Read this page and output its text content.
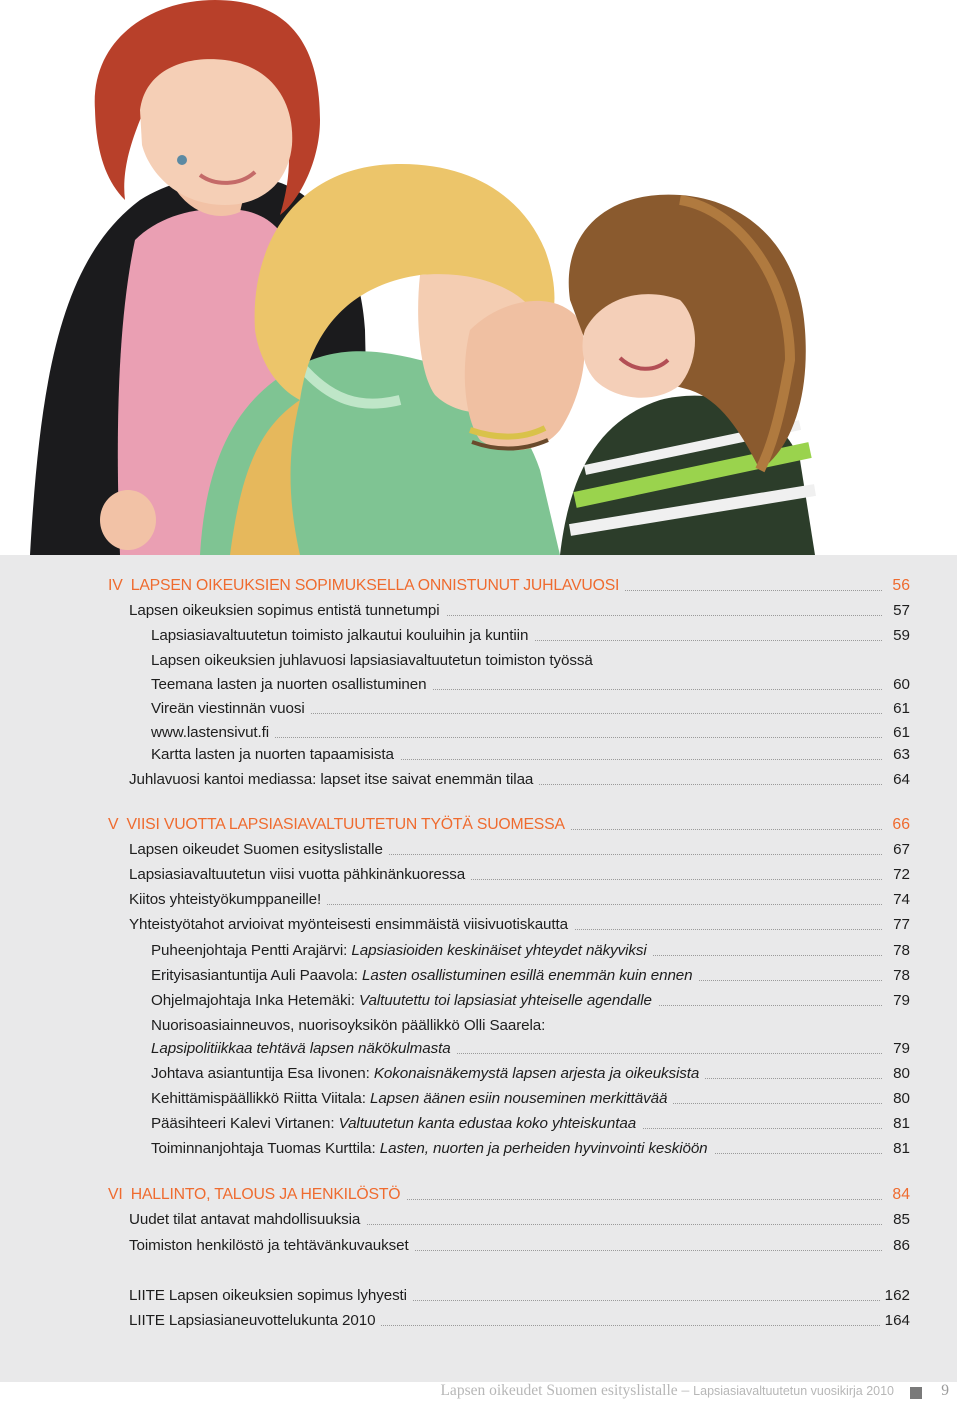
IV LAPSEN OIKEUKSIEN SOPIMUKSELLA ONNISTUNUT JUHLAVUOSI	56
Lapsen oikeuksien sopimus entistä tunnetumpi	57
Lapsiasiavaltuutetun toimisto jalkautui kouluihin ja kuntiin	59
Lapsen oikeuksien juhlavuosi lapsiasiavaltuutetun toimiston työssä
Teemana lasten ja nuorten osallistuminen	60
Vireän viestinnän vuosi	61
www.lastensivut.fi	61
Kartta lasten ja nuorten tapaamisista	63
Juhlavuosi kantoi mediassa: lapset itse saivat enemmän tilaa	64
V VIISI VUOTTA LAPSIASIAVALTUUTETUN TYÖTÄ SUOMESSA	66
Lapsen oikeudet Suomen esityslistalle	67
Lapsiasiavaltuutetun viisi vuotta pähkinänkuoressa	72
Kiitos yhteistyökumppaneille!	74
Yhteistyötahot arvioivat myönteisesti ensimmäistä viisivuotiskautta	77
Puheenjohtaja Pentti Arajärvi: Lapsiasioiden keskinäiset yhteydet näkyviksi	78
Erityisasiantuntija Auli Paavola: Lasten osallistuminen esillä enemmän kuin ennen	78
Ohjelmajohtaja Inka Hetemäki: Valtuutettu toi lapsiasiat yhteiselle agendalle	79
Nuorisoasiainneuvos, nuorisoyksikön päällikkö Olli Saarela:
Lapsipolitiikkaa tehtävä lapsen näkökulmasta	79
Johtava asiantuntija Esa Iivonen: Kokonaisnäkemystä lapsen arjesta ja oikeuksista	80
Kehittämispäällikkö Riitta Viitala: Lapsen äänen esiin nouseminen merkittävää	80
Pääsihteeri Kalevi Virtanen: Valtuutetun kanta edustaa koko yhteiskuntaa	81
Toiminnanjohtaja Tuomas Kurttila: Lasten, nuorten ja perheiden hyvinvointi keskiöön	81
VI HALLINTO, TALOUS JA HENKILÖSTÖ	84
Uudet tilat antavat mahdollisuuksia	85
Toimiston henkilöstö ja tehtävänkuvaukset	86
LIITE Lapsen oikeuksien sopimus lyhyesti	162
LIITE Lapsiasianeuvottelukunta 2010	164
Lapsen oikeudet Suomen esityslistalle – Lapsiasiavaltuutetun vuosikirja 2010	9
